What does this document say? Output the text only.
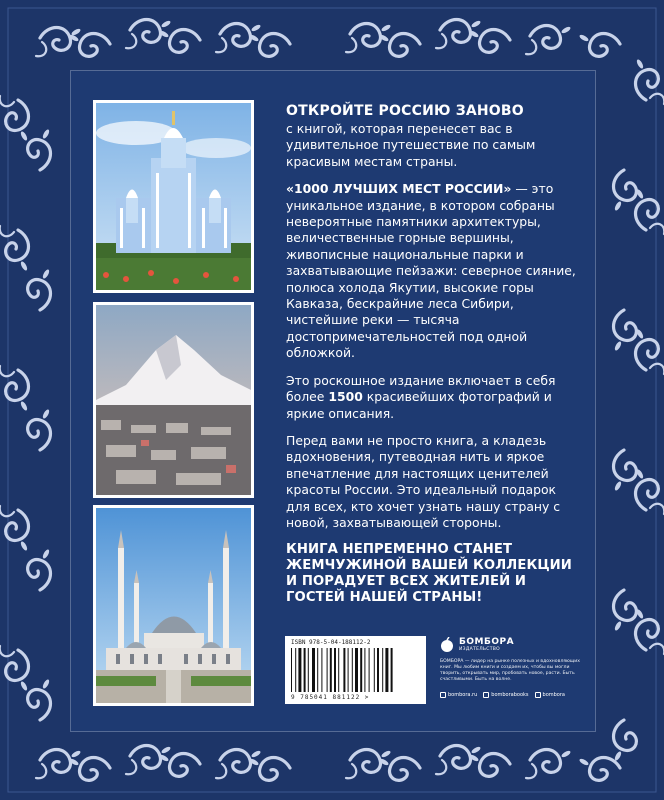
ОТКРОЙТЕ РОССИЮ ЗАНОВО

с книгой, которая перенесет вас в удивительное путешествие по самым красивым местам страны.

«1000 ЛУЧШИХ МЕСТ РОССИИ» — это уникальное издание, в котором собраны невероятные памятники архитектуры, величественные горные вершины, живописные национальные парки и захватывающие пейзажи: северное сияние, полюса холода Якутии, высокие горы Кавказа, бескрайние леса Сибири, чистейшие реки — тысяча достопримечательностей под одной обложкой.

Это роскошное издание включает в себя более 1500 красивейших фотографий и яркие описания.

Перед вами не просто книга, а кладезь вдохновения, путеводная нить и яркое впечатление для настоящих ценителей красоты России. Это идеальный подарок для всех, кто хочет узнать нашу страну с новой, захватывающей стороны.

КНИГА НЕПРЕМЕННО СТАНЕТ ЖЕМЧУЖИНОЙ ВАШЕЙ КОЛЛЕКЦИИ И ПОРАДУЕТ ВСЕХ ЖИТЕЛЕЙ И ГОСТЕЙ НАШЕЙ СТРАНЫ!
ISBN 978-5-04-188112-2
9 785041 881122 >
БОМБОРА
ИЗДАТЕЛЬСТВО
БОМБОРА — лидер на рынке полезных и вдохновляющих книг. Мы любим книги и создаем их, чтобы вы могли творить, открывать мир, пробовать новое, расти. Быть счастливыми. Быть на волне.
bombora.ru	bomborabooks	bombora
